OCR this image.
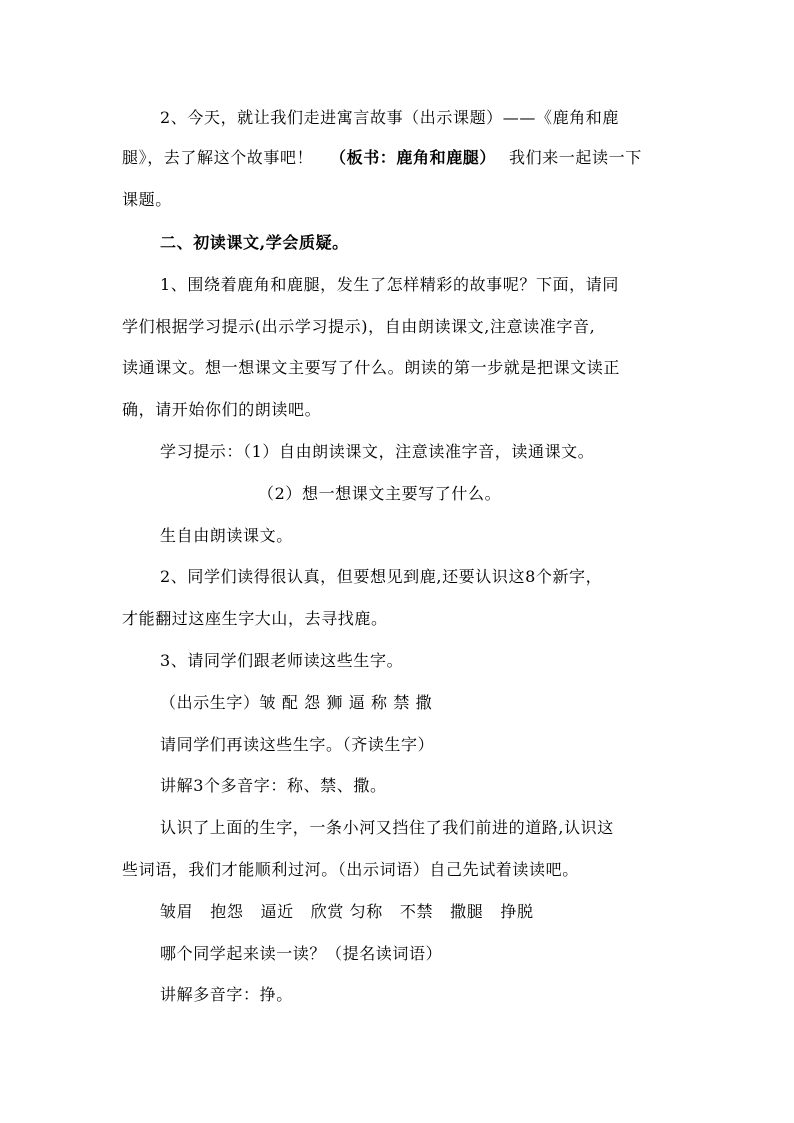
2、今天，就让我们走进寓言故事（出示课题）——《鹿角和鹿
腿》，去了解这个故事吧！ （板书：鹿角和鹿腿） 我们来一起读一下
课题。
二、初读课文,学会质疑。
1、围绕着鹿角和鹿腿，发生了怎样精彩的故事呢？下面，请同
学们根据学习提示(出示学习提示)，自由朗读课文,注意读准字音,
读通课文。想一想课文主要写了什么。朗读的第一步就是把课文读正
确，请开始你们的朗读吧。
学习提示：（1）自由朗读课文，注意读准字音，读通课文。
（2）想一想课文主要写了什么。
生自由朗读课文。
2、同学们读得很认真，但要想见到鹿,还要认识这8个新字，
才能翻过这座生字大山，去寻找鹿。
3、请同学们跟老师读这些生字。
（出示生字）皱 配 怨 狮 逼 称 禁 撒
请同学们再读这些生字。（齐读生字）
讲解3个多音字：称、禁、撒。
认识了上面的生字，一条小河又挡住了我们前进的道路,认识这
些词语，我们才能顺利过河。（出示词语）自己先试着读读吧。
皱眉   抱怨   逼近   欣赏 匀称   不禁   撒腿   挣脱
哪个同学起来读一读？（提名读词语）
讲解多音字：挣。
